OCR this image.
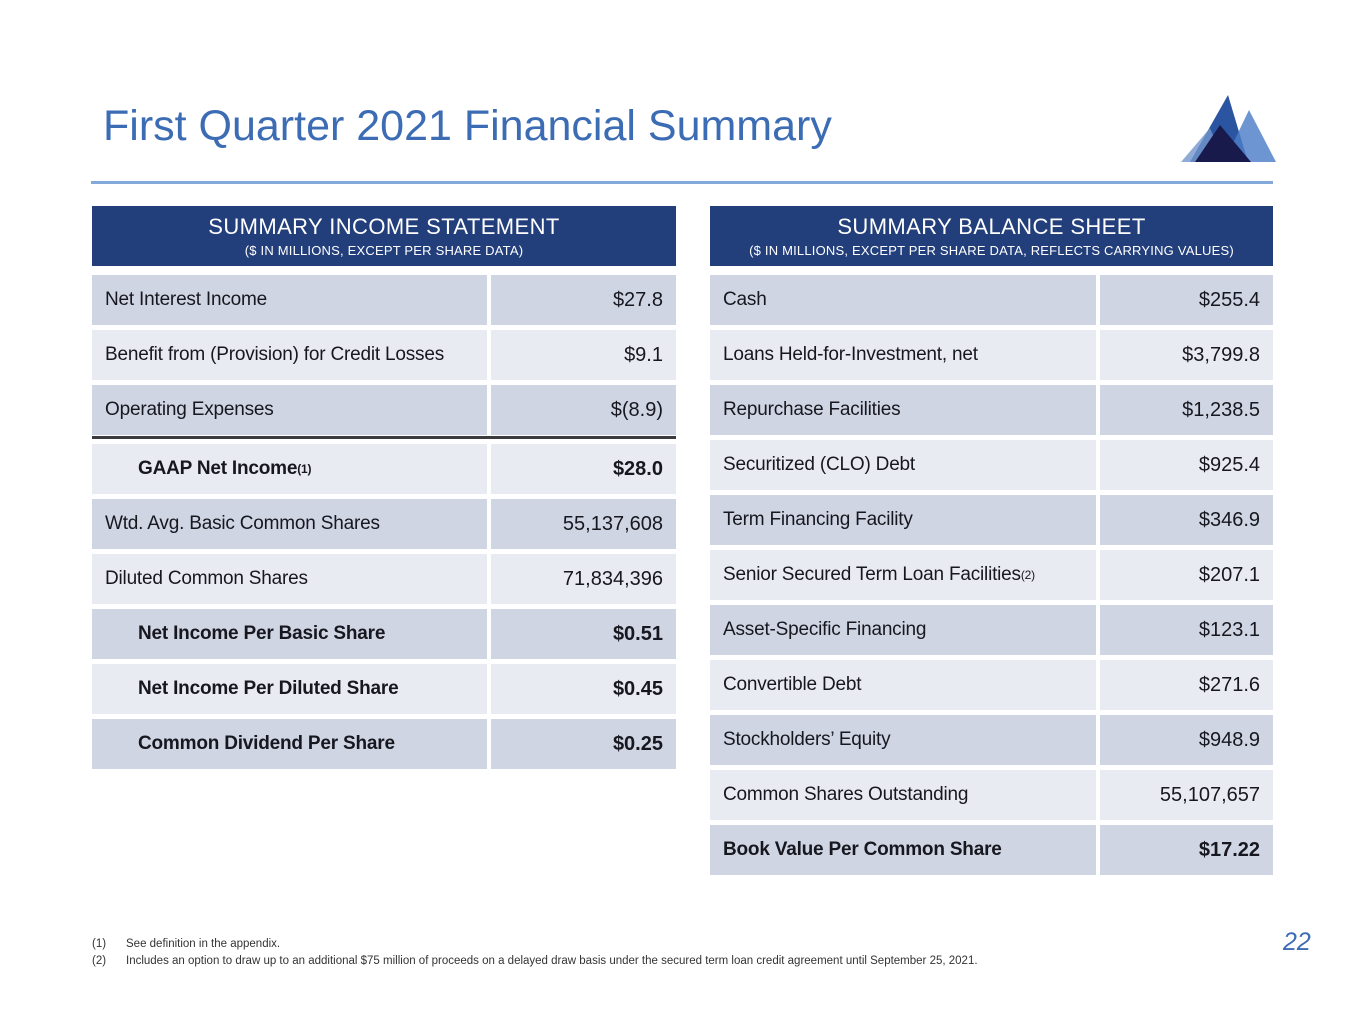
First Quarter 2021 Financial Summary
SUMMARY INCOME STATEMENT
($ IN MILLIONS, EXCEPT PER SHARE DATA)
Net Interest Income	$27.8
Benefit from (Provision) for Credit Losses	$9.1
Operating Expenses	$(8.9)
GAAP Net Income (1)	$28.0
Wtd. Avg. Basic Common Shares	55,137,608
Diluted Common Shares	71,834,396
Net Income Per Basic Share	$0.51
Net Income Per Diluted Share	$0.45
Common Dividend Per Share	$0.25
SUMMARY BALANCE SHEET
($ IN MILLIONS, EXCEPT PER SHARE DATA, REFLECTS CARRYING VALUES)
Cash	$255.4
Loans Held-for-Investment, net	$3,799.8
Repurchase Facilities	$1,238.5
Securitized (CLO) Debt	$925.4
Term Financing Facility	$346.9
Senior Secured Term Loan Facilities (2)	$207.1
Asset-Specific Financing	$123.1
Convertible Debt	$271.6
Stockholders’ Equity	$948.9
Common Shares Outstanding	55,107,657
Book Value Per Common Share	$17.22
(1)	See definition in the appendix.
(2)	Includes an option to draw up to an additional $75 million of proceeds on a delayed draw basis under the secured term loan credit agreement until September 25, 2021.
22
